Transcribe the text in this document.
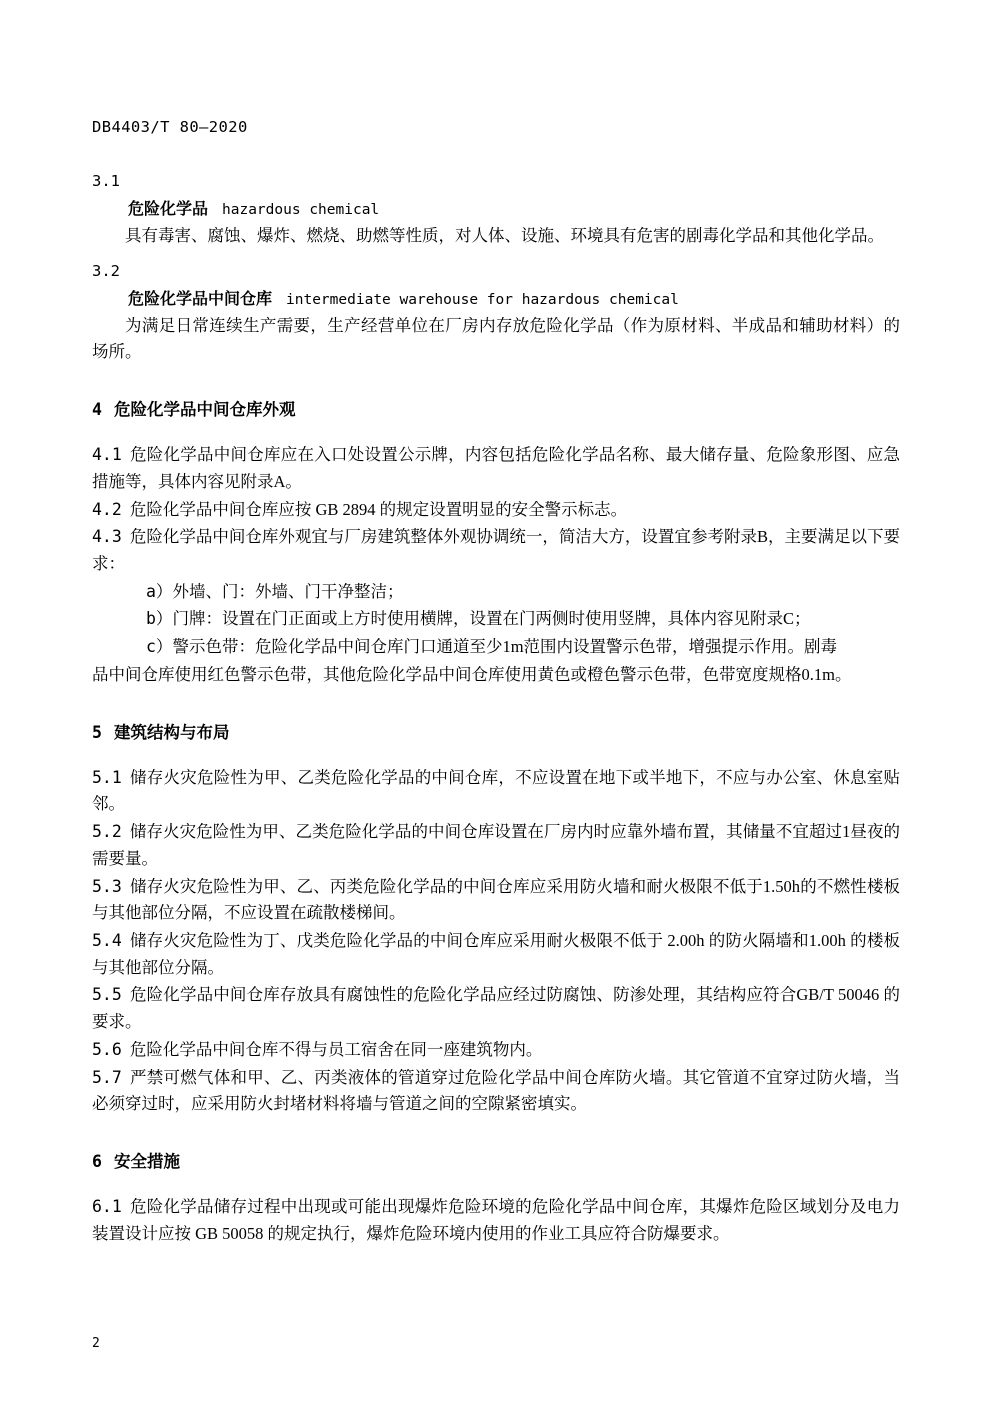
DB4403/T 80—2020
3.1
危险化学品 hazardous chemical

具有毒害、腐蚀、爆炸、燃烧、助燃等性质，对人体、设施、环境具有危害的剧毒化学品和其他化学品。

3.2
危险化学品中间仓库 intermediate warehouse for hazardous chemical

为满足日常连续生产需要，生产经营单位在厂房内存放危险化学品（作为原材料、半成品和辅助材料）的场所。

4 危险化学品中间仓库外观

4.1 危险化学品中间仓库应在入口处设置公示牌，内容包括危险化学品名称、最大储存量、危险象形图、应急措施等，具体内容见附录A。

4.2 危险化学品中间仓库应按 GB 2894 的规定设置明显的安全警示标志。

4.3 危险化学品中间仓库外观宜与厂房建筑整体外观协调统一，简洁大方，设置宜参考附录B，主要满足以下要求：

a）外墙、门：外墙、门干净整洁；

b）门牌：设置在门正面或上方时使用横牌，设置在门两侧时使用竖牌，具体内容见附录C；

c）警示色带：危险化学品中间仓库门口通道至少1m范围内设置警示色带，增强提示作用。剧毒

品中间仓库使用红色警示色带，其他危险化学品中间仓库使用黄色或橙色警示色带，色带宽度规格0.1m。

5 建筑结构与布局

5.1 储存火灾危险性为甲、乙类危险化学品的中间仓库，不应设置在地下或半地下，不应与办公室、休息室贴邻。

5.2 储存火灾危险性为甲、乙类危险化学品的中间仓库设置在厂房内时应靠外墙布置，其储量不宜超过1昼夜的需要量。

5.3 储存火灾危险性为甲、乙、丙类危险化学品的中间仓库应采用防火墙和耐火极限不低于1.50h的不燃性楼板与其他部位分隔，不应设置在疏散楼梯间。

5.4 储存火灾危险性为丁、戊类危险化学品的中间仓库应采用耐火极限不低于 2.00h 的防火隔墙和1.00h 的楼板与其他部位分隔。

5.5 危险化学品中间仓库存放具有腐蚀性的危险化学品应经过防腐蚀、防渗处理，其结构应符合GB/T 50046 的要求。

5.6 危险化学品中间仓库不得与员工宿舍在同一座建筑物内。

5.7 严禁可燃气体和甲、乙、丙类液体的管道穿过危险化学品中间仓库防火墙。其它管道不宜穿过防火墙，当必须穿过时，应采用防火封堵材料将墙与管道之间的空隙紧密填实。

6 安全措施

6.1 危险化学品储存过程中出现或可能出现爆炸危险环境的危险化学品中间仓库，其爆炸危险区域划分及电力装置设计应按 GB 50058 的规定执行，爆炸危险环境内使用的作业工具应符合防爆要求。

2
